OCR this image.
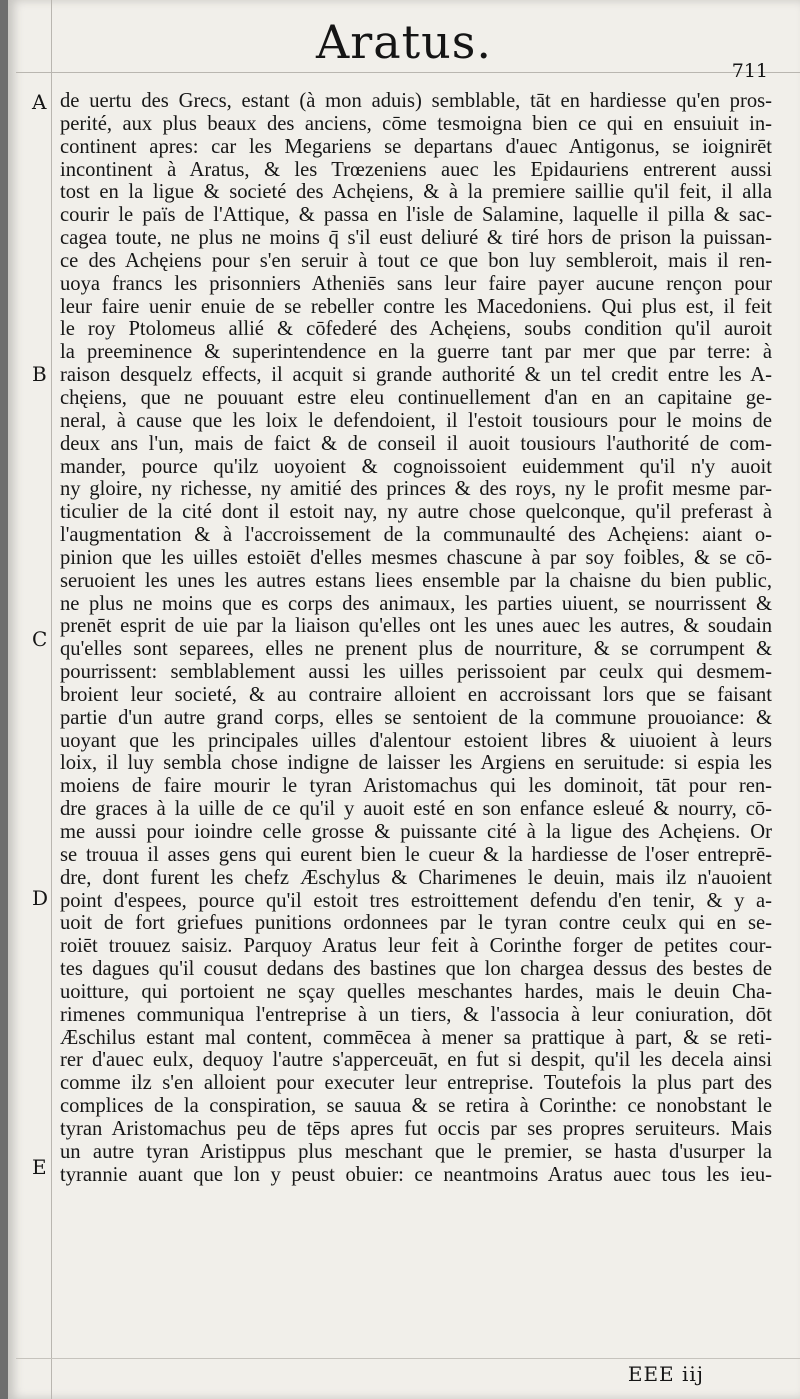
Aratus.
711
A
B
C
D
E
de uertu des Grecs, estant (à mon aduis) semblable, tāt en hardiesse qu'en pros-
perité, aux plus beaux des anciens, cōme tesmoigna bien ce qui en ensuiuit in-
continent apres: car les Megariens se departans d'auec Antigonus, se ioignirēt
incontinent à Aratus, & les Trœzeniens auec les Epidauriens entrerent aussi
tost en la ligue & societé des Achęiens, & à la premiere saillie qu'il feit, il alla
courir le païs de l'Attique, & passa en l'isle de Salamine, laquelle il pilla & sac-
cagea toute, ne plus ne moins q̄ s'il eust deliuré & tiré hors de prison la puissan-
ce des Achęiens pour s'en seruir à tout ce que bon luy sembleroit, mais il ren-
uoya francs les prisonniers Atheniēs sans leur faire payer aucune rençon pour
leur faire uenir enuie de se rebeller contre les Macedoniens. Qui plus est, il feit
le roy Ptolomeus allié & cōfederé des Achęiens, soubs condition qu'il auroit
la preeminence & superintendence en la guerre tant par mer que par terre: à
raison desquelz effects, il acquit si grande authorité & un tel credit entre les A-
chęiens, que ne pouuant estre eleu continuellement d'an en an capitaine ge-
neral, à cause que les loix le defendoient, il l'estoit tousiours pour le moins de
deux ans l'un, mais de faict & de conseil il auoit tousiours l'authorité de com-
mander, pource qu'ilz uoyoient & cognoissoient euidemment qu'il n'y auoit
ny gloire, ny richesse, ny amitié des princes & des roys, ny le profit mesme par-
ticulier de la cité dont il estoit nay, ny autre chose quelconque, qu'il preferast à
l'augmentation & à l'accroissement de la communaulté des Achęiens: aiant o-
pinion que les uilles estoiēt d'elles mesmes chascune à par soy foibles, & se cō-
seruoient les unes les autres estans liees ensemble par la chaisne du bien public,
ne plus ne moins que es corps des animaux, les parties uiuent, se nourrissent &
prenēt esprit de uie par la liaison qu'elles ont les unes auec les autres, & soudain
qu'elles sont separees, elles ne prenent plus de nourriture, & se corrumpent &
pourrissent: semblablement aussi les uilles perissoient par ceulx qui desmem-
broient leur societé, & au contraire alloient en accroissant lors que se faisant
partie d'un autre grand corps, elles se sentoient de la commune prouoiance: &
uoyant que les principales uilles d'alentour estoient libres & uiuoient à leurs
loix, il luy sembla chose indigne de laisser les Argiens en seruitude: si espia les
moiens de faire mourir le tyran Aristomachus qui les dominoit, tāt pour ren-
dre graces à la uille de ce qu'il y auoit esté en son enfance esleué & nourry, cō-
me aussi pour ioindre celle grosse & puissante cité à la ligue des Achęiens. Or
se trouua il asses gens qui eurent bien le cueur & la hardiesse de l'oser entreprē-
dre, dont furent les chefz Æschylus & Charimenes le deuin, mais ilz n'auoient
point d'espees, pource qu'il estoit tres estroittement defendu d'en tenir, & y a-
uoit de fort griefues punitions ordonnees par le tyran contre ceulx qui en se-
roiēt trouuez saisiz. Parquoy Aratus leur feit à Corinthe forger de petites cour-
tes dagues qu'il cousut dedans des bastines que lon chargea dessus des bestes de
uoitture, qui portoient ne sçay quelles meschantes hardes, mais le deuin Cha-
rimenes communiqua l'entreprise à un tiers, & l'associa à leur coniuration, dōt
Æschilus estant mal content, commēcea à mener sa prattique à part, & se reti-
rer d'auec eulx, dequoy l'autre s'apperceuāt, en fut si despit, qu'il les decela ainsi
comme ilz s'en alloient pour executer leur entreprise. Toutefois la plus part des
complices de la conspiration, se sauua & se retira à Corinthe: ce nonobstant le
tyran Aristomachus peu de tēps apres fut occis par ses propres seruiteurs. Mais
un autre tyran Aristippus plus meschant que le premier, se hasta d'usurper la
tyrannie auant que lon y peust obuier: ce neantmoins Aratus auec tous les ieu-
EEE iij
